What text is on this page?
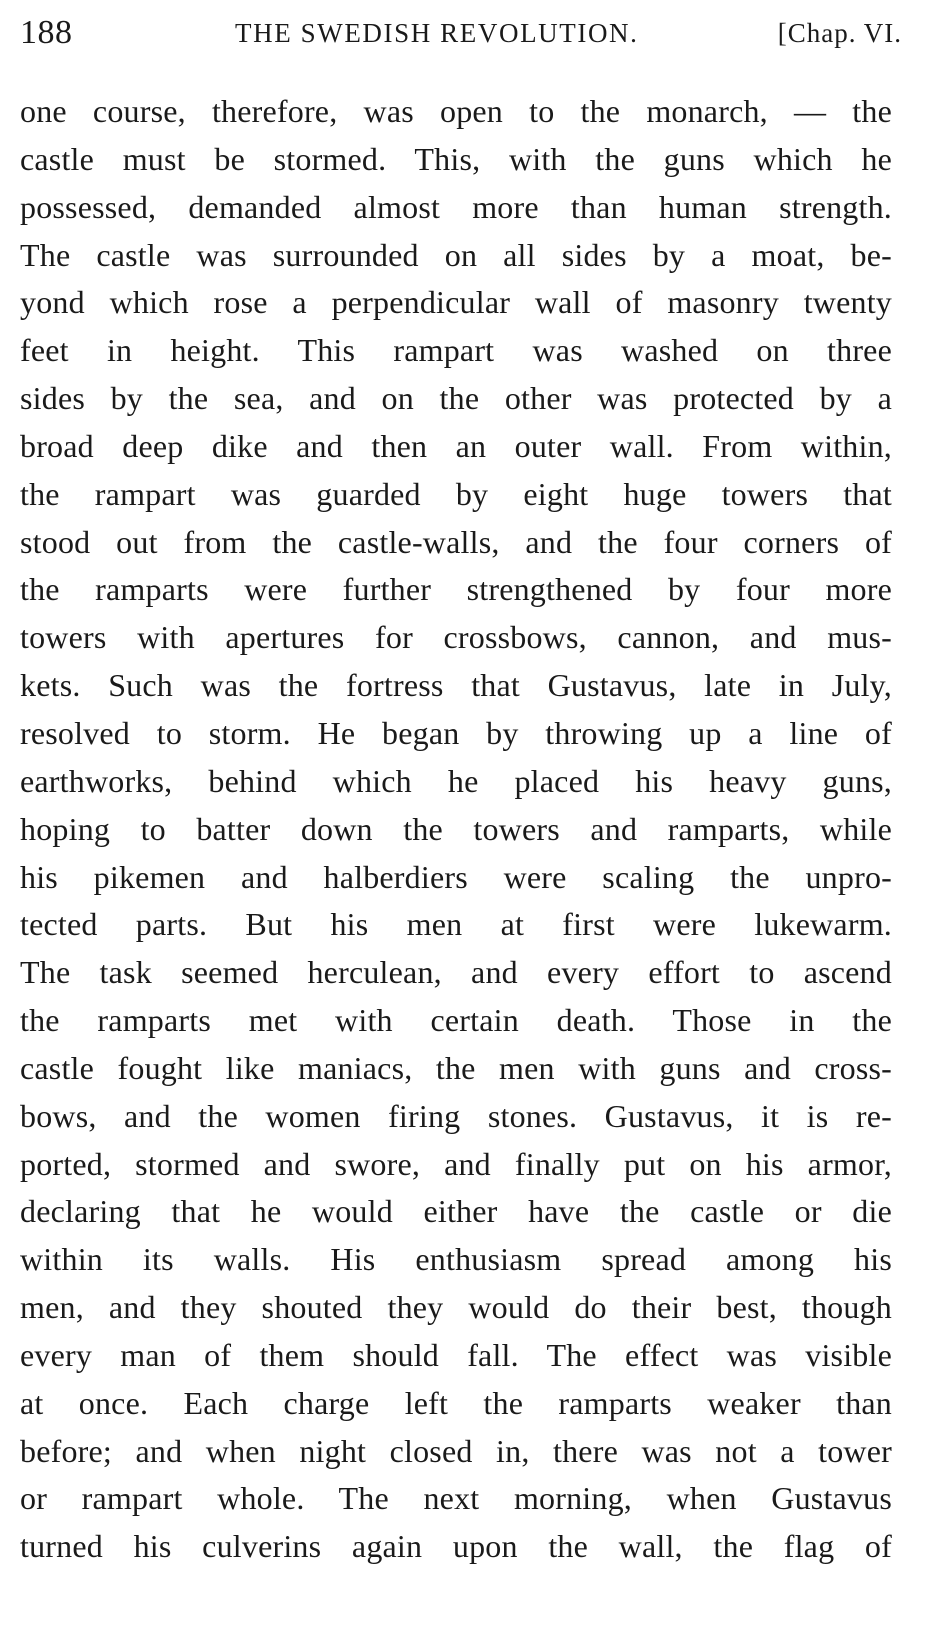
188	THE SWEDISH REVOLUTION.	[Chap. VI.
one course, therefore, was open to the monarch, — the
castle must be stormed. This, with the guns which he
possessed, demanded almost more than human strength.
The castle was surrounded on all sides by a moat, be-
yond which rose a perpendicular wall of masonry twenty
feet in height. This rampart was washed on three
sides by the sea, and on the other was protected by a
broad deep dike and then an outer wall. From within,
the rampart was guarded by eight huge towers that
stood out from the castle-walls, and the four corners of
the ramparts were further strengthened by four more
towers with apertures for crossbows, cannon, and mus-
kets. Such was the fortress that Gustavus, late in July,
resolved to storm. He began by throwing up a line of
earthworks, behind which he placed his heavy guns,
hoping to batter down the towers and ramparts, while
his pikemen and halberdiers were scaling the unpro-
tected parts. But his men at first were lukewarm.
The task seemed herculean, and every effort to ascend
the ramparts met with certain death. Those in the
castle fought like maniacs, the men with guns and cross-
bows, and the women firing stones. Gustavus, it is re-
ported, stormed and swore, and finally put on his armor,
declaring that he would either have the castle or die
within its walls. His enthusiasm spread among his
men, and they shouted they would do their best, though
every man of them should fall. The effect was visible
at once. Each charge left the ramparts weaker than
before; and when night closed in, there was not a tower
or rampart whole. The next morning, when Gustavus
turned his culverins again upon the wall, the flag of
